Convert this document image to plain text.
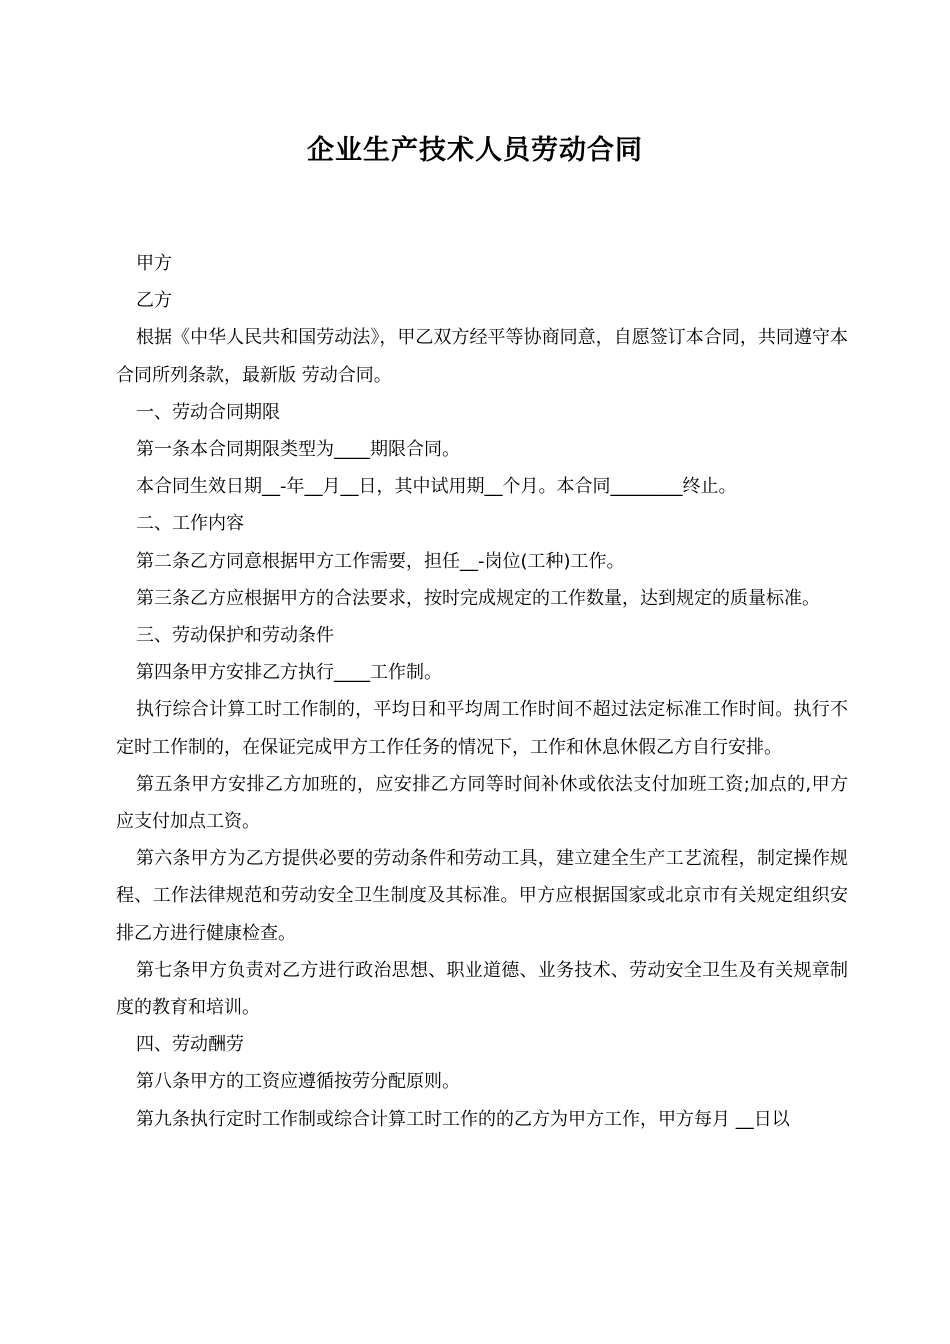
企业生产技术人员劳动合同

甲方

乙方

根据《中华人民共和国劳动法》，甲乙双方经平等协商同意，自愿签订本合同，共同遵守本合同所列条款，最新版 劳动合同。

一、劳动合同期限

第一条本合同期限类型为____期限合同。

本合同生效日期__-年__月__日，其中试用期__个月。本合同________终止。

二、工作内容

第二条乙方同意根据甲方工作需要，担任__-岗位(工种)工作。

第三条乙方应根据甲方的合法要求，按时完成规定的工作数量，达到规定的质量标准。

三、劳动保护和劳动条件

第四条甲方安排乙方执行____工作制。

执行综合计算工时工作制的，平均日和平均周工作时间不超过法定标准工作时间。执行不定时工作制的，在保证完成甲方工作任务的情况下，工作和休息休假乙方自行安排。

第五条甲方安排乙方加班的，应安排乙方同等时间补休或依法支付加班工资;加点的,甲方应支付加点工资。

第六条甲方为乙方提供必要的劳动条件和劳动工具，建立建全生产工艺流程，制定操作规程、工作法律规范和劳动安全卫生制度及其标准。甲方应根据国家或北京市有关规定组织安排乙方进行健康检查。

第七条甲方负责对乙方进行政治思想、职业道德、业务技术、劳动安全卫生及有关规章制度的教育和培训。

四、劳动酬劳

第八条甲方的工资应遵循按劳分配原则。

第九条执行定时工作制或综合计算工时工作的的乙方为甲方工作，甲方每月 __日以
